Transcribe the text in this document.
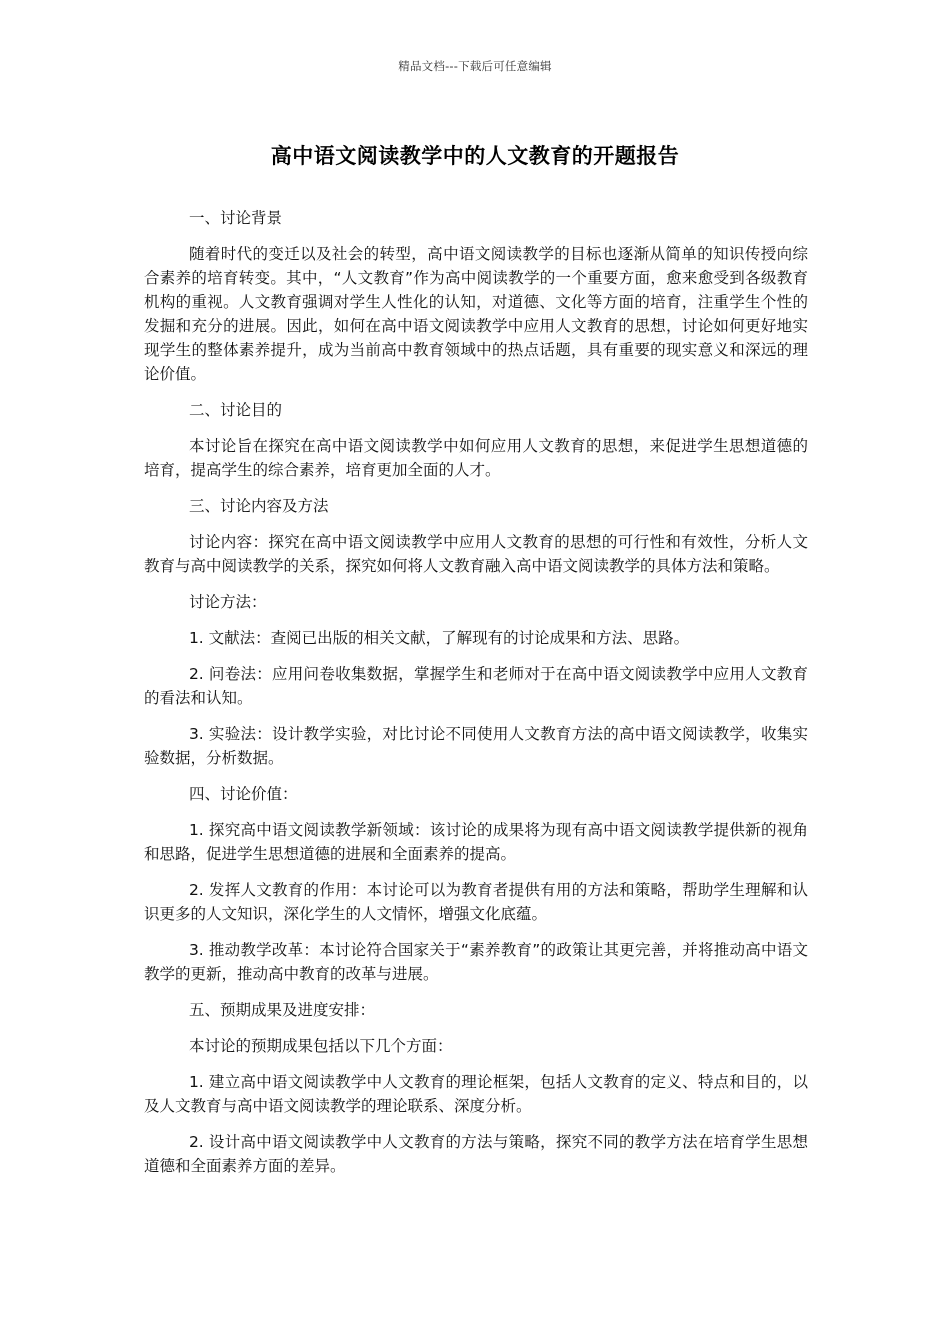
精品文档---下载后可任意编辑
高中语文阅读教学中的人文教育的开题报告

一、讨论背景

随着时代的变迁以及社会的转型，高中语文阅读教学的目标也逐渐从简单的知识传授向综合素养的培育转变。其中，“人文教育”作为高中阅读教学的一个重要方面，愈来愈受到各级教育机构的重视。人文教育强调对学生人性化的认知，对道德、文化等方面的培育，注重学生个性的发掘和充分的进展。因此，如何在高中语文阅读教学中应用人文教育的思想，讨论如何更好地实现学生的整体素养提升，成为当前高中教育领域中的热点话题，具有重要的现实意义和深远的理论价值。

二、讨论目的

本讨论旨在探究在高中语文阅读教学中如何应用人文教育的思想，来促进学生思想道德的培育，提高学生的综合素养，培育更加全面的人才。

三、讨论内容及方法

讨论内容：探究在高中语文阅读教学中应用人文教育的思想的可行性和有效性，分析人文教育与高中阅读教学的关系，探究如何将人文教育融入高中语文阅读教学的具体方法和策略。

讨论方法：

1. 文献法：查阅已出版的相关文献，了解现有的讨论成果和方法、思路。

2. 问卷法：应用问卷收集数据，掌握学生和老师对于在高中语文阅读教学中应用人文教育的看法和认知。

3. 实验法：设计教学实验，对比讨论不同使用人文教育方法的高中语文阅读教学，收集实验数据，分析数据。

四、讨论价值：

1. 探究高中语文阅读教学新领域：该讨论的成果将为现有高中语文阅读教学提供新的视角和思路，促进学生思想道德的进展和全面素养的提高。

2. 发挥人文教育的作用：本讨论可以为教育者提供有用的方法和策略，帮助学生理解和认识更多的人文知识，深化学生的人文情怀，增强文化底蕴。

3. 推动教学改革：本讨论符合国家关于“素养教育”的政策让其更完善，并将推动高中语文教学的更新，推动高中教育的改革与进展。

五、预期成果及进度安排：

本讨论的预期成果包括以下几个方面：

1. 建立高中语文阅读教学中人文教育的理论框架，包括人文教育的定义、特点和目的，以及人文教育与高中语文阅读教学的理论联系、深度分析。

2. 设计高中语文阅读教学中人文教育的方法与策略，探究不同的教学方法在培育学生思想道德和全面素养方面的差异。
